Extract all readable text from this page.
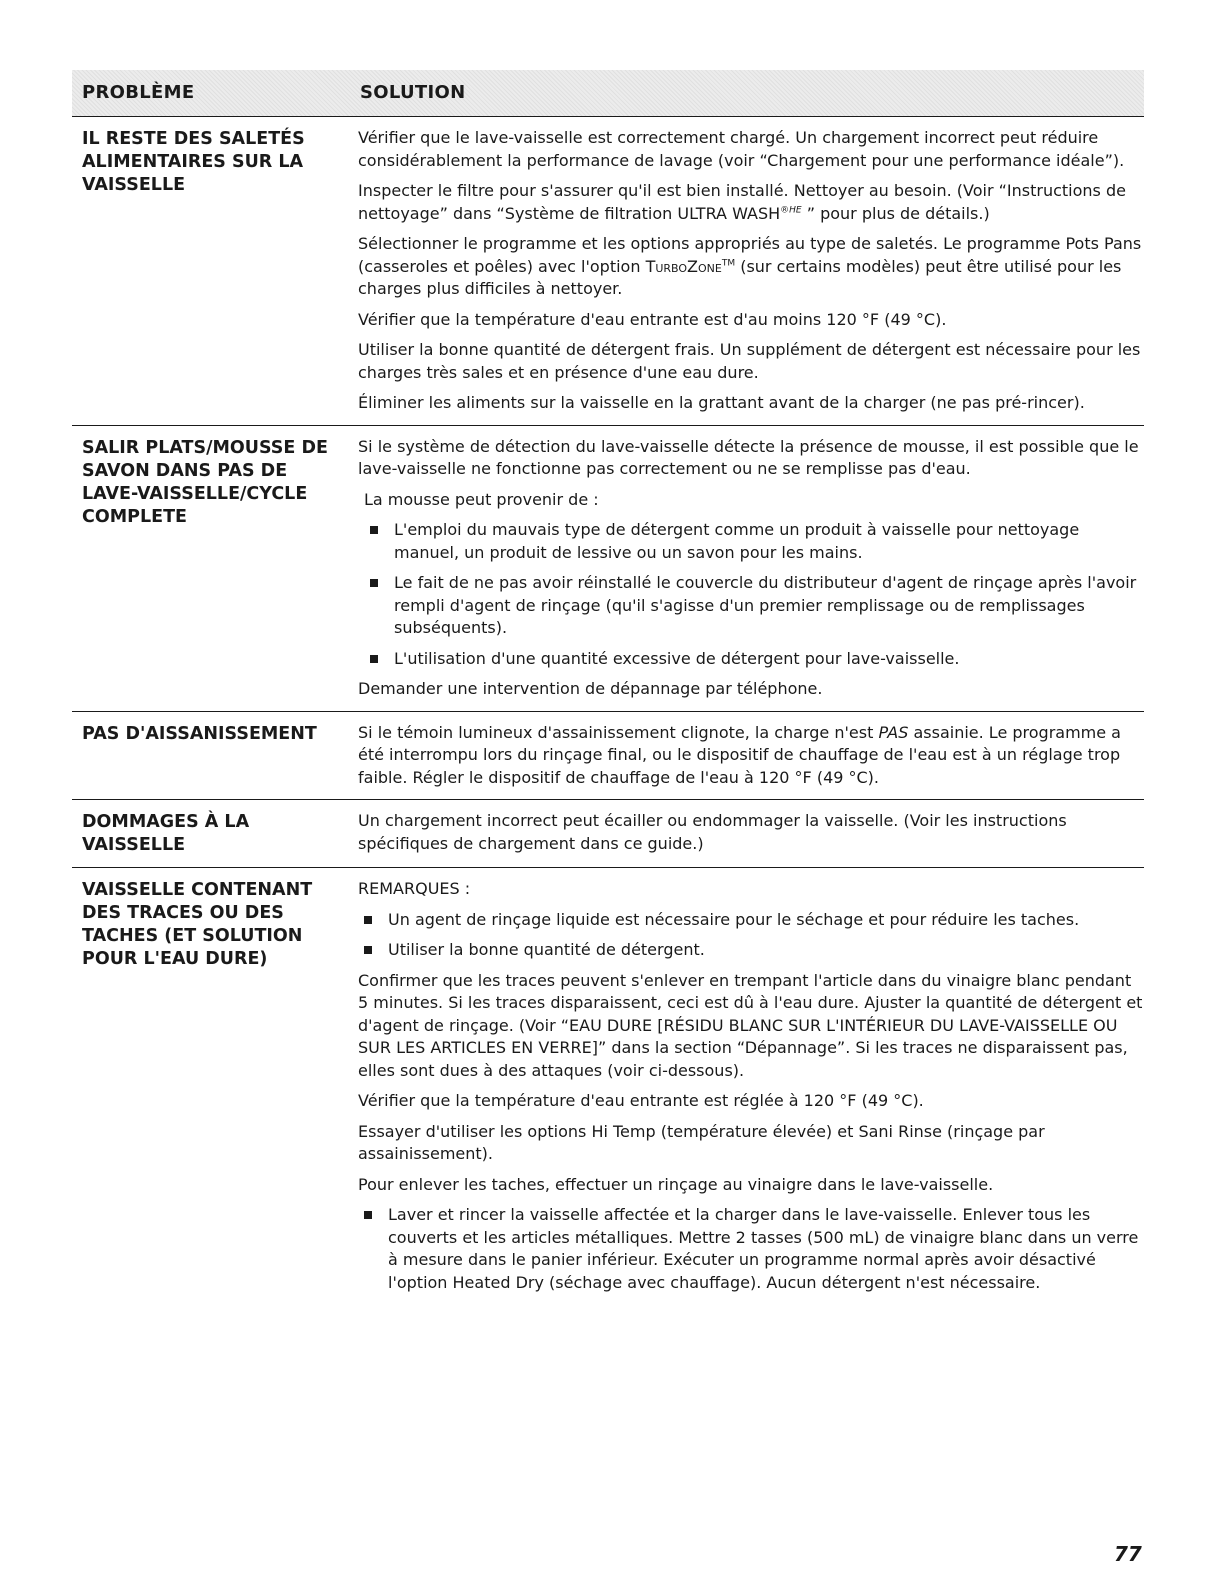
PROBLÈME	SOLUTION
IL RESTE DES SALETÉS ALIMENTAIRES SUR LA VAISSELLE

Vérifier que le lave-vaisselle est correctement chargé. Un chargement incorrect peut réduire considérablement la performance de lavage (voir “Chargement pour une performance idéale”).

Inspecter le filtre pour s'assurer qu'il est bien installé. Nettoyer au besoin. (Voir “Instructions de nettoyage” dans “Système de filtration ULTRA $WASH^{®HE}$ ” pour plus de détails.)

Sélectionner le programme et les options appropriés au type de saletés. Le programme Pots Pans (casseroles et poêles) avec l'option TurboZone™ (sur certains modèles) peut être utilisé pour les charges plus difficiles à nettoyer.

Vérifier que la température d'eau entrante est d'au moins 120 °F (49 °C).

Utiliser la bonne quantité de détergent frais. Un supplément de détergent est nécessaire pour les charges très sales et en présence d'une eau dure.

Éliminer les aliments sur la vaisselle en la grattant avant de la charger (ne pas pré-rincer).

SALIR PLATS/MOUSSE DE SAVON DANS PAS DE LAVE-VAISSELLE/CYCLE COMPLETE

Si le système de détection du lave-vaisselle détecte la présence de mousse, il est possible que le lave-vaisselle ne fonctionne pas correctement ou ne se remplisse pas d'eau.

La mousse peut provenir de :

L'emploi du mauvais type de détergent comme un produit à vaisselle pour nettoyage manuel, un produit de lessive ou un savon pour les mains.
Le fait de ne pas avoir réinstallé le couvercle du distributeur d'agent de rinçage après l'avoir rempli d'agent de rinçage (qu'il s'agisse d'un premier remplissage ou de remplissages subséquents).
L'utilisation d'une quantité excessive de détergent pour lave-vaisselle.

Demander une intervention de dépannage par téléphone.

PAS D'AISSANISSEMENT	Si le témoin lumineux d'assainissement clignote, la charge n'est PAS assainie. Le programme a été interrompu lors du rinçage final, ou le dispositif de chauffage de l'eau est à un réglage trop faible. Régler le dispositif de chauffage de l'eau à 120 °F (49 °C).

DOMMAGES À LA VAISSELLE

Un chargement incorrect peut écailler ou endommager la vaisselle. (Voir les instructions spécifiques de chargement dans ce guide.)

VAISSELLE CONTENANT DES TRACES OU DES TACHES (ET SOLUTION POUR L'EAU DURE)

REMARQUES :

Un agent de rinçage liquide est nécessaire pour le séchage et pour réduire les taches.
Utiliser la bonne quantité de détergent.

Confirmer que les traces peuvent s'enlever en trempant l'article dans du vinaigre blanc pendant 5 minutes. Si les traces disparaissent, ceci est dû à l'eau dure. Ajuster la quantité de détergent et d'agent de rinçage. (Voir “EAU DURE [RÉSIDU BLANC SUR L'INTÉRIEUR DU LAVE-VAISSELLE OU SUR LES ARTICLES EN VERRE]” dans la section “Dépannage”. Si les traces ne disparaissent pas, elles sont dues à des attaques (voir ci-dessous).

Vérifier que la température d'eau entrante est réglée à 120 °F (49 °C).

Essayer d'utiliser les options Hi Temp (température élevée) et Sani Rinse (rinçage par assainissement).

Pour enlever les taches, effectuer un rinçage au vinaigre dans le lave-vaisselle.

Laver et rincer la vaisselle affectée et la charger dans le lave-vaisselle. Enlever tous les couverts et les articles métalliques. Mettre 2 tasses (500 mL) de vinaigre blanc dans un verre à mesure dans le panier inférieur. Exécuter un programme normal après avoir désactivé l'option Heated Dry (séchage avec chauffage). Aucun détergent n'est nécessaire.
77
